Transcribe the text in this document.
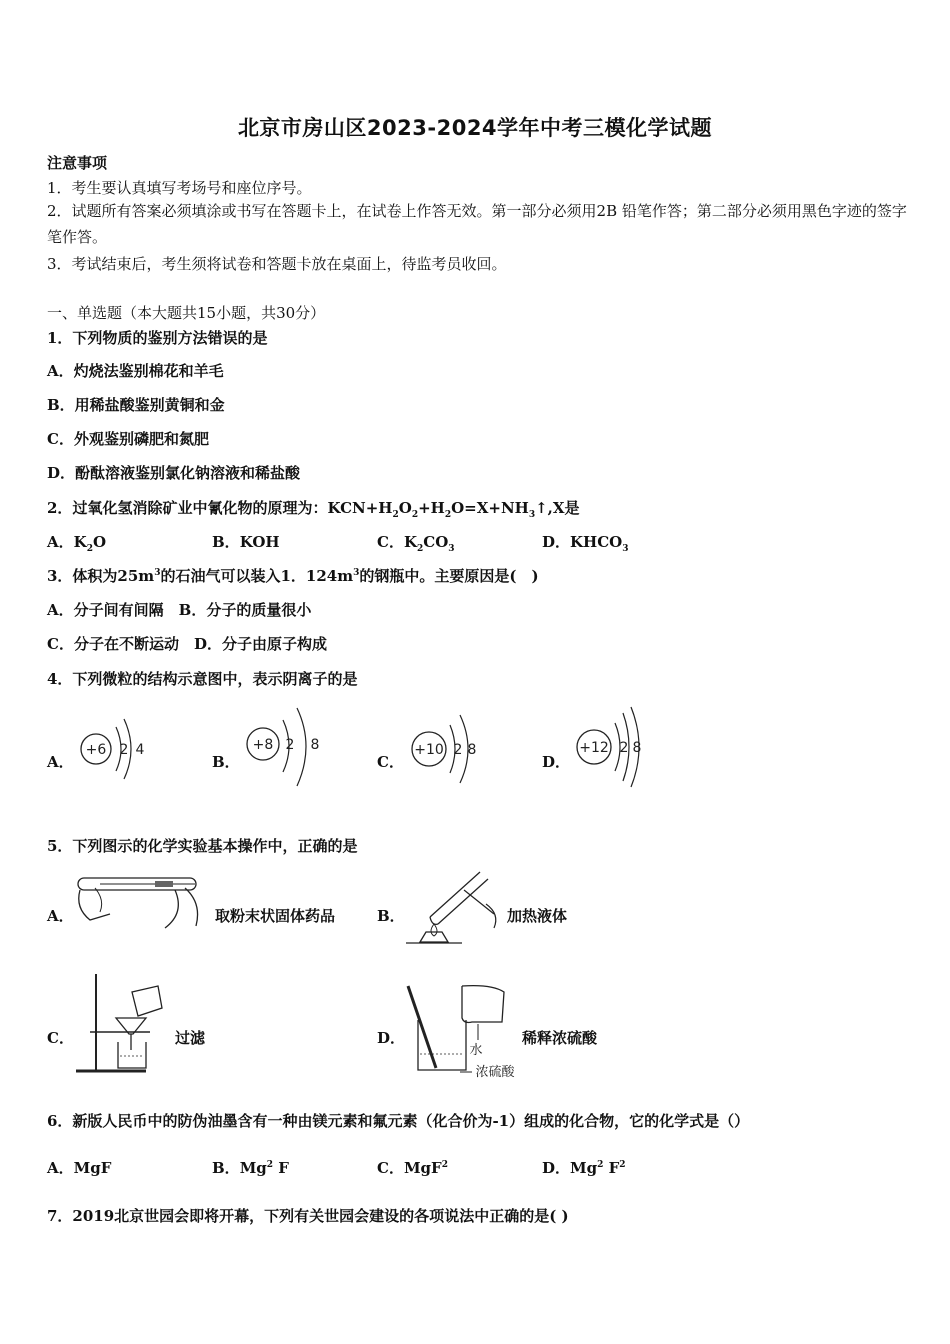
北京市房山区2023-2024学年中考三模化学试题
注意事项
1．考生要认真填写考场号和座位序号。
2．试题所有答案必须填涂或书写在答题卡上，在试卷上作答无效。第一部分必须用2B 铅笔作答；第二部分必须用黑色字迹的签字笔作答。
3．考试结束后，考生须将试卷和答题卡放在桌面上，待监考员收回。
一、单选题（本大题共15小题，共30分）
1．下列物质的鉴别方法错误的是
A．灼烧法鉴别棉花和羊毛
B．用稀盐酸鉴别黄铜和金
C．外观鉴别磷肥和氮肥
D．酚酞溶液鉴别氯化钠溶液和稀盐酸
2．过氧化氢消除矿业中氰化物的原理为：$KCN+H_2O_2+H_2O=X+NH_3↑,X$是
A．$K_2O$	B．KOH	C．$K_2CO_3$	D．$KHCO_3$
3．体积为$25m^3$的石油气可以装入1．$124m^3$的钢瓶中。主要原因是(　)
A．分子间有间隔　B．分子的质量很小
C．分子在不断运动　D．分子由原子构成
4．下列微粒的结构示意图中，表示阴离子的是
A．
+6 2 4
B．
+8 2 8
C．
+10 2 8
D．
+12 2 8
5．下列图示的化学实验基本操作中，正确的是
A．	取粉末状固体药品	B．	加热液体
C．	过滤	D．
水
浓硫酸
稀释浓硫酸
6．新版人民币中的防伪油墨含有一种由镁元素和氟元素（化合价为-1）组成的化合物，它的化学式是（）
A．MgF	B．Mg$^2$ F	C．MgF$^2$	D．Mg$^2$ $F^2$
7．2019北京世园会即将开幕，下列有关世园会建设的各项说法中正确的是( )
